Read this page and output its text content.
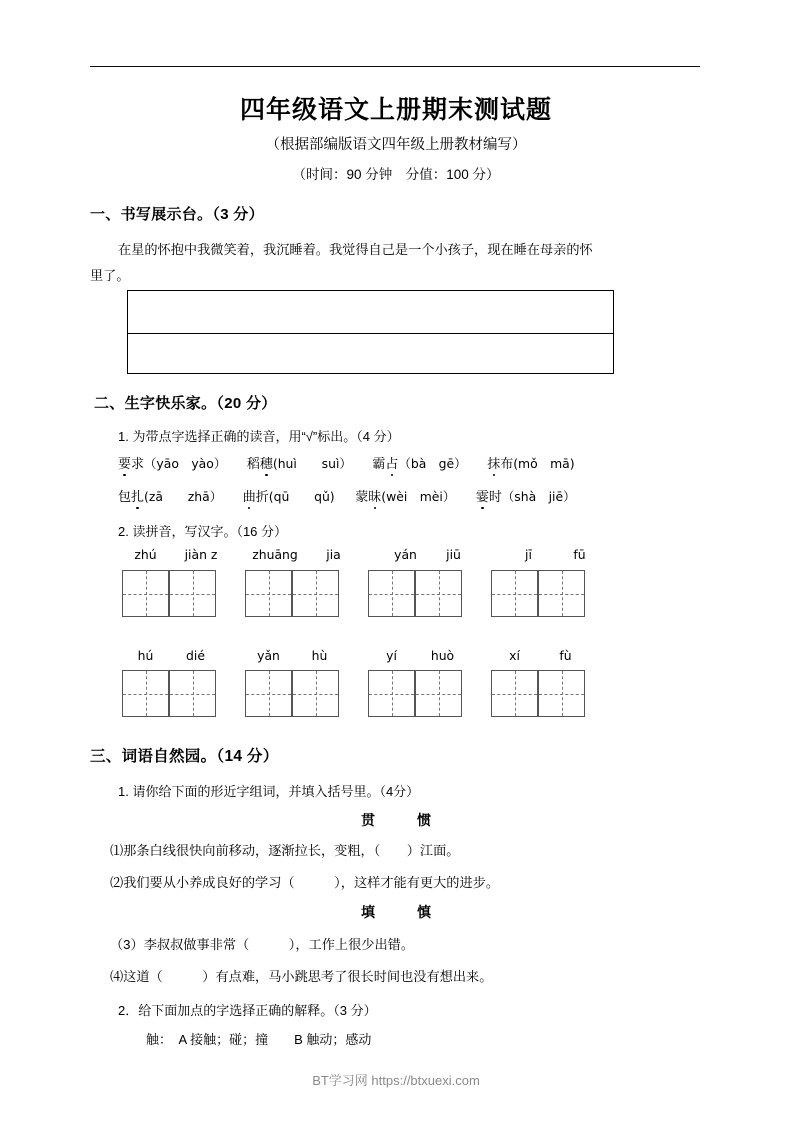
四年级语文上册期末测试题
（根据部编版语文四年级上册教材编写）
（时间：90 分钟　分值：100 分）
一、书写展示台。（3 分）
在星的怀抱中我微笑着，我沉睡着。我觉得自己是一个小孩子，现在睡在母亲的怀
里了。
二、生字快乐家。（20 分）
1. 为带点字选择正确的读音，用“√”标出。（4 分）
要求（yāo　yào） 稻穗(huì　　suì） 霸占（bà　gē） 抹布(mǒ　mā)
包扎(zā　　zhā） 曲折(qū　　qǔ) 蒙昧(wèi　mèi） 霎时（shà　jiē）
2. 读拼音，写汉字。（16 分）
zhú	jiàn z	zhuāng	jia	yán	jiū	jī	fū
hú	dié	yǎn	hù	yí	huò	xí	fù
三、词语自然园。（14 分）
1. 请你给下面的形近字组词，并填入括号里。（4分）
贯　　　惯
⑴那条白线很快向前移动，逐渐拉长，变粗，（　　）江面。
⑵我们要从小养成良好的学习（　　　），这样才能有更大的进步。
填　　　慎
（3）李叔叔做事非常（　　　），工作上很少出错。
⑷这道（　　　）有点难，马小跳思考了很长时间也没有想出来。
2．给下面加点的字选择正确的解释。（3 分）
触：　A 接触；碰；撞　　B 触动；感动
BT学习网 https://btxuexi.com
